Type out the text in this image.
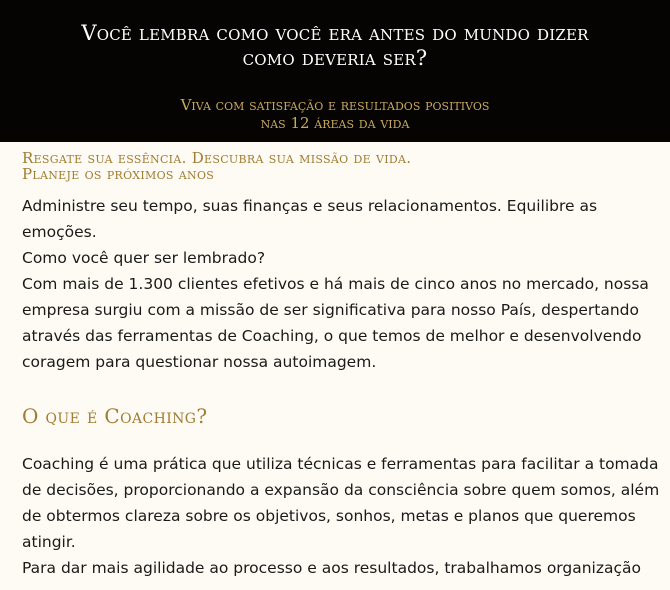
Você lembra como você era antes do mundo dizer
como deveria ser?
Viva com satisfação e resultados positivos
nas 12 áreas da vida
Resgate sua essência. Descubra sua missão de vida.
Planeje os próximos anos
Administre seu tempo, suas finanças e seus relacionamentos. Equilibre as emoções.
Como você quer ser lembrado?
Com mais de 1.300 clientes efetivos e há mais de cinco anos no mercado, nossa empresa surgiu com a missão de ser significativa para nosso País, despertando através das ferramentas de Coaching, o que temos de melhor e desenvolvendo coragem para questionar nossa autoimagem.
O que é Coaching?
Coaching é uma prática que utiliza técnicas e ferramentas para facilitar a tomada de decisões, proporcionando a expansão da consciência sobre quem somos, além de obtermos clareza sobre os objetivos, sonhos, metas e planos que queremos atingir.
Para dar mais agilidade ao processo e aos resultados, trabalhamos organização
